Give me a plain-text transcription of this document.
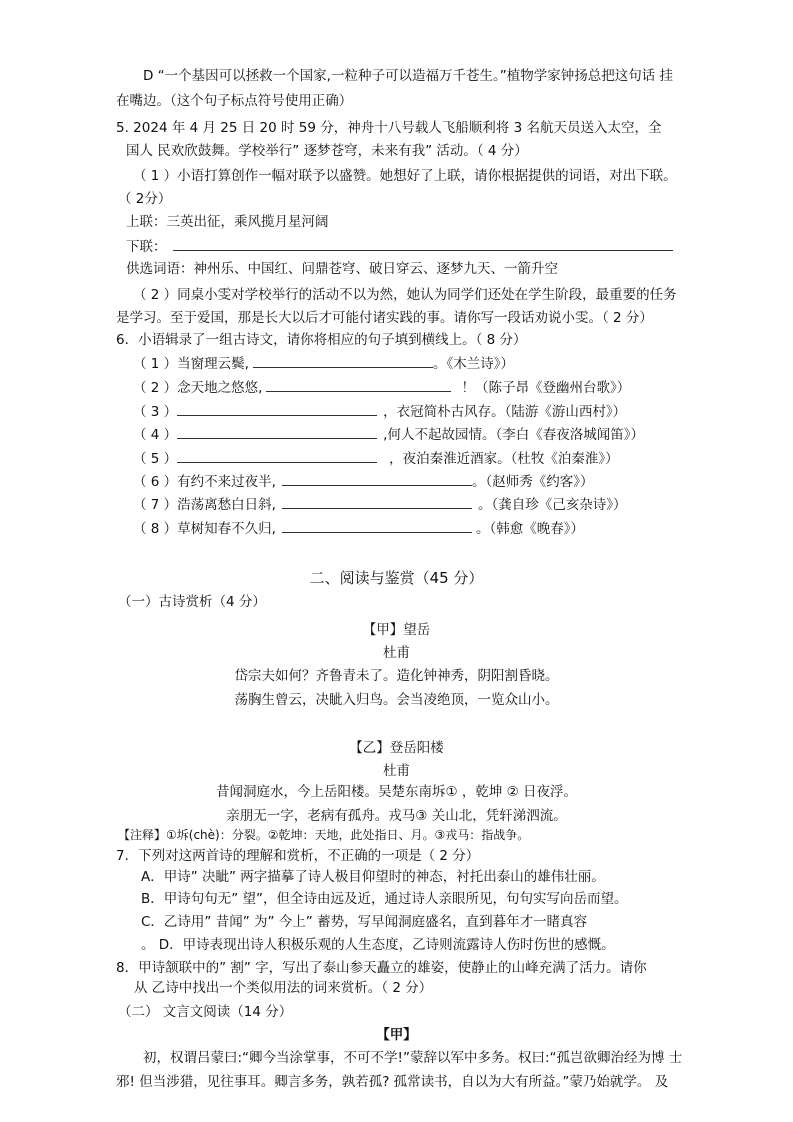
D “一个基因可以拯救一个国家,一粒种子可以造福万千苍生。”植物学家钟扬总把这句话 挂
在嘴边。（这个句子标点符号使用正确）
5. 2024 年 4 月 25 日 20 时 59 分，神舟十八号载人飞船顺利将 3 名航天员送入太空，全
国人 民欢欣鼓舞。学校举行” 逐梦苍穹，未来有我” 活动。（ 4 分）
（ 1 ）小语打算创作一幅对联予以盛赞。她想好了上联，请你根据提供的词语，对出下联。
（ 2分）
上联：三英出征，乘风揽月星河阔
下联：
供选词语：神州乐、中国红、问鼎苍穹、破日穿云、逐梦九天、一箭升空
（ 2 ）同桌小雯对学校举行的活动不以为然，她认为同学们还处在学生阶段，最重要的任务
是学习。至于爱国，那是长大以后才可能付诸实践的事。请你写一段话劝说小雯。（ 2 分）
6．小语辑录了一组古诗文，请你将相应的句子填到横线上。（ 8 分）
（ 1 ）当窗理云鬓,	。《木兰诗》）
（ 2 ）念天地之悠悠,	！（陈子昂《登幽州台歌》）
（ 3 ）	，衣冠简朴古风存。（陆游《游山西村》）
（ 4 ）	,何人不起故园情。（李白《春夜洛城闻笛》）
（ 5 ）	，夜泊秦淮近酒家。（杜牧《泊秦淮》）
（ 6 ）有约不来过夜半,	。（赵师秀《约客》）
（ 7 ）浩荡离愁白日斜,	。（龚自珍《己亥杂诗》）
（ 8 ）草树知春不久归,	。（韩愈《晚春》）
二、阅读与鉴赏（45 分）
（一）古诗赏析（4 分）
【甲】望岳
杜甫
岱宗夫如何？齐鲁青未了。造化钟神秀，阴阳割昏晓。
荡胸生曾云，决眦入归鸟。会当凌绝顶，一览众山小。
【乙】登岳阳楼
杜甫
昔闻洞庭水，今上岳阳楼。吴楚东南坼① ，乾坤 ② 日夜浮。
亲朋无一字，老病有孤舟。戎马③ 关山北，凭轩涕泗流。
【注释】①坼(chè)：分裂。②乾坤：天地，此处指日、月。③戎马：指战争。
7．下列对这两首诗的理解和赏析，不正确的一项是（ 2 分）
A．甲诗” 决眦” 两字描摹了诗人极目仰望时的神态，衬托出泰山的雄伟壮丽。
B．甲诗句句无” 望”，但全诗由远及近，通过诗人亲眼所见，句句实写向岳而望。
C．乙诗用” 昔闻” 为” 今上” 蓄势，写早闻洞庭盛名，直到暮年才一睹真容
。 D．甲诗表现出诗人积极乐观的人生态度，乙诗则流露诗人伤时伤世的感慨。
8．甲诗颔联中的” 割” 字，写出了泰山参天矗立的雄姿，使静止的山峰充满了活力。请你
从 乙诗中找出一个类似用法的词来赏析。（ 2 分）
（二） 文言文阅读（14 分）
【甲】
初，权谓吕蒙曰:“卿今当涂掌事，不可不学!”蒙辞以军中多务。权曰:“孤岂欲卿治经为博 士
邪! 但当涉猎，见往事耳。卿言多务，孰若孤? 孤常读书，自以为大有所益。”蒙乃始就学。 及
